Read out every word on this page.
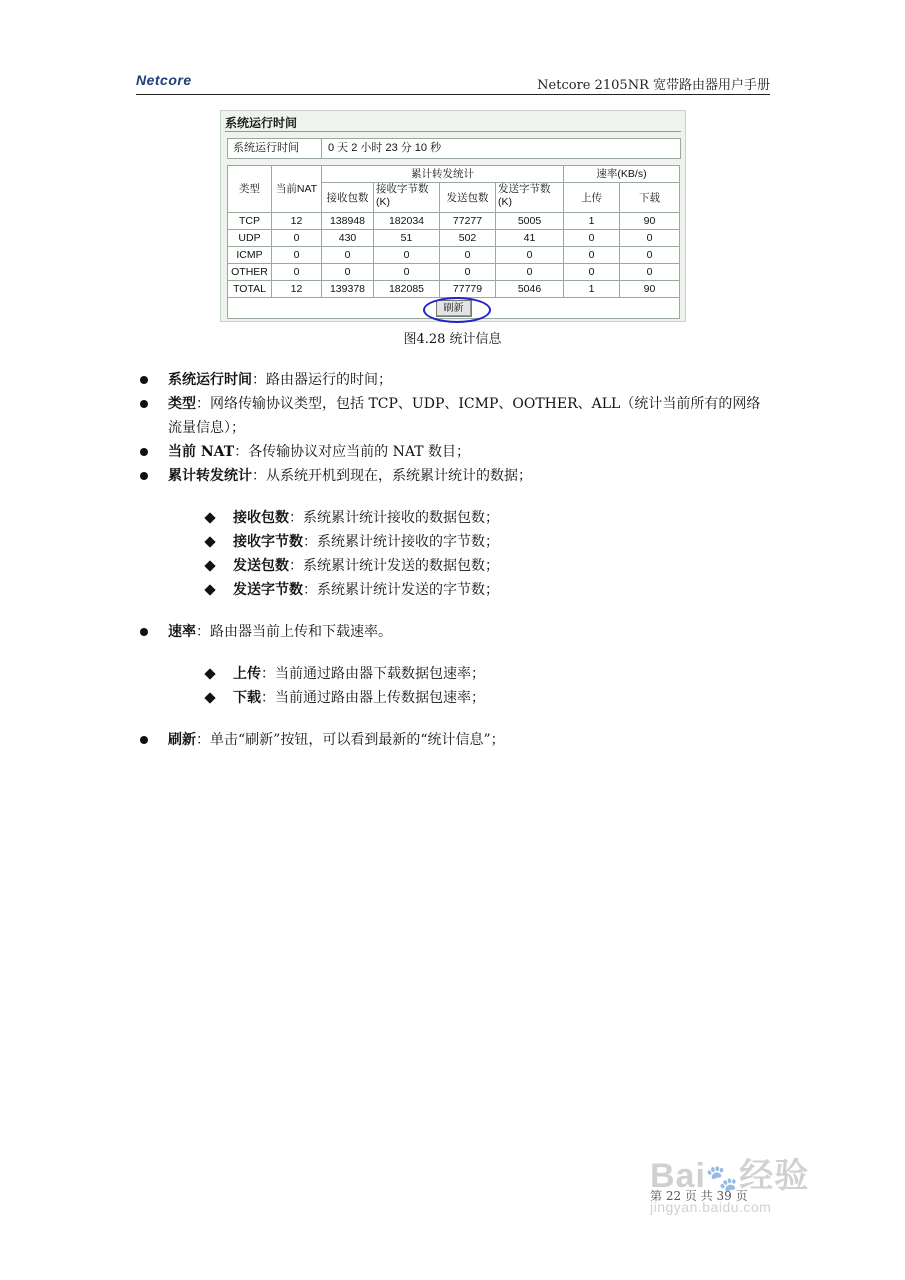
Netcore	Netcore 2105NR 宽带路由器用户手册
系统运行时间
系统运行时间	0 天 2 小时 23 分 10 秒
类型	当前NAT	累计转发统计				速率(KB/s)	
		接收包数	接收字节数(K)	发送包数	发送字节数(K)	上传	下载
TCP	12	138948	182034	77277	5005	1	90
UDP	0	430	51	502	41	0	0
ICMP	0	0	0	0	0	0	0
OTHER	0	0	0	0	0	0	0
TOTAL	12	139378	182085	77779	5046	1	90
刷新							
图4.28 统计信息
系统运行时间：路由器运行的时间；
类型：网络传输协议类型，包括 TCP、UDP、ICMP、OOTHER、ALL（统计当前所有的网络
流量信息）；
当前 NAT：各传输协议对应当前的 NAT 数目；
累计转发统计：从系统开机到现在，系统累计统计的数据；
接收包数：系统累计统计接收的数据包数；
接收字节数：系统累计统计接收的字节数；
发送包数：系统累计统计发送的数据包数；
发送字节数：系统累计统计发送的字节数；
速率：路由器当前上传和下载速率。
上传：当前通过路由器下载数据包速率；
下载：当前通过路由器上传数据包速率；
刷新：单击“刷新”按钮，可以看到最新的“统计信息”；
Bai🐾经验
jingyan.baidu.com
第 22 页 共 39 页
